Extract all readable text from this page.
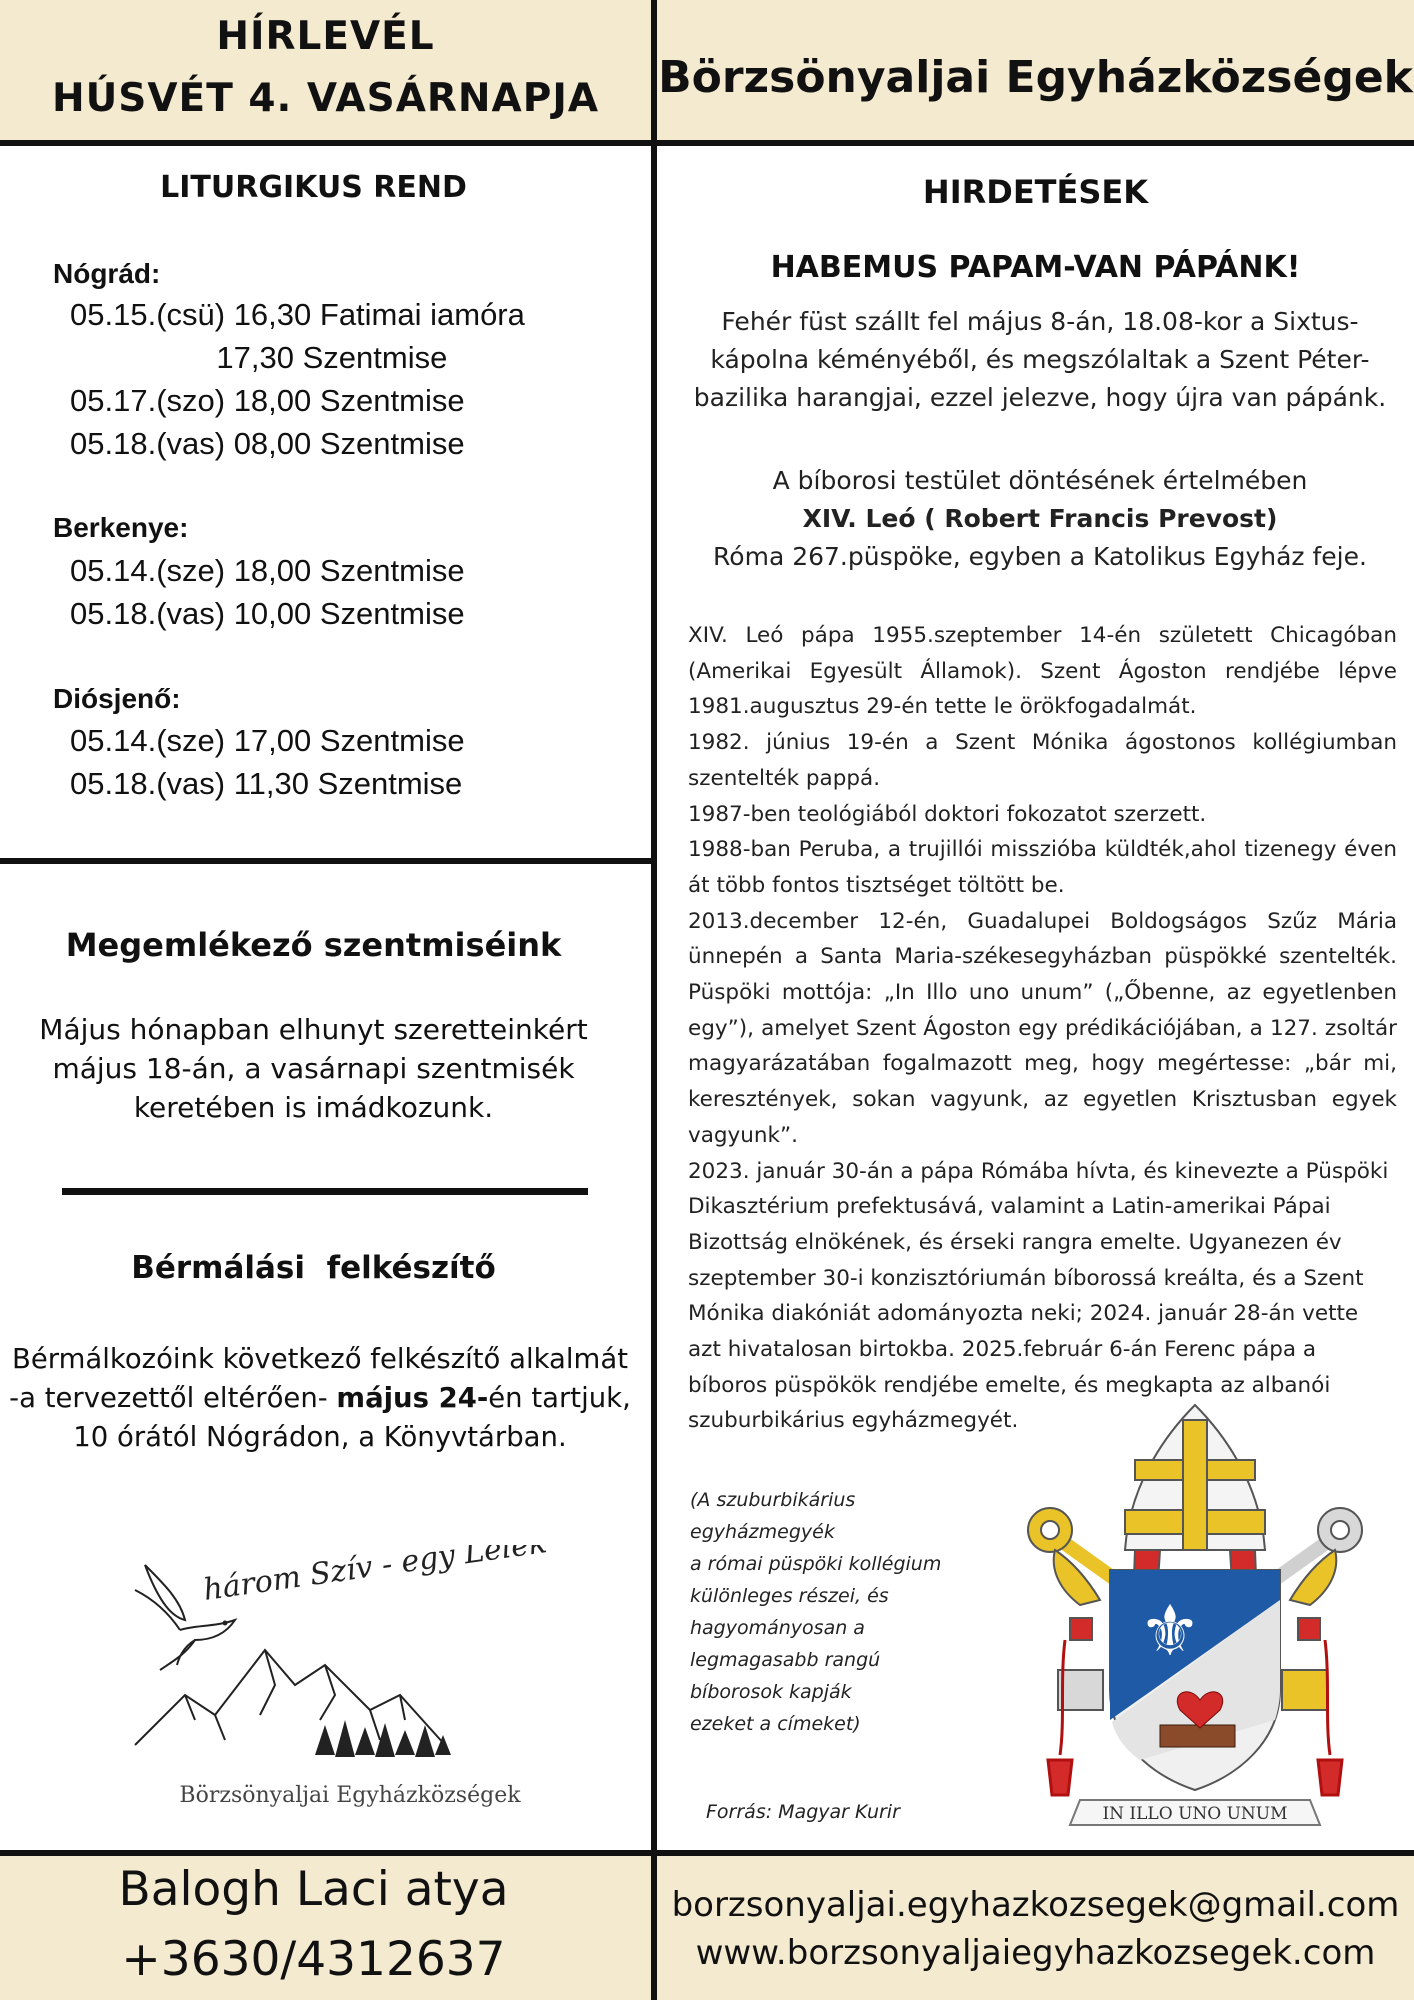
HÍRLEVÉL
HÚSVÉT 4. VASÁRNAPJA	Börzsönyaljai Egyházközségek
LITURGIKUS REND
Nógrád:
05.15.(csü) 16,30 Fatimai iamóra
17,30 Szentmise
05.17.(szo) 18,00 Szentmise
05.18.(vas) 08,00 Szentmise
Berkenye:
05.14.(sze) 18,00 Szentmise
05.18.(vas) 10,00 Szentmise
Diósjenő:
05.14.(sze) 17,00 Szentmise
05.18.(vas) 11,30 Szentmise
Megemlékező szentmiséink
Május hónapban elhunyt szeretteinkért
május 18-án, a vasárnapi szentmisék
keretében is imádkozunk.
Bérmálási  felkészítő
Bérmálkozóink következő felkészítő alkalmát
-a tervezettől eltérően- május 24-én tartjuk,
10 órától Nógrádon, a Könyvtárban.
három Szív - egy Lélek
Börzsönyaljai Egyházközségek
HIRDETÉSEK
HABEMUS PAPAM-VAN PÁPÁNK!
Fehér füst szállt fel május 8-án, 18.08-kor a Sixtus-
kápolna kéményéből, és megszólaltak a Szent Péter-
bazilika harangjai, ezzel jelezve, hogy újra van pápánk.
A bíborosi testület döntésének értelmében
XIV. Leó ( Robert Francis Prevost)
Róma 267.püspöke, egyben a Katolikus Egyház feje.

XIV. Leó pápa 1955.szeptember 14-én született Chicagóban (Amerikai Egyesült Államok). Szent Ágoston rendjébe lépve 1981.augusztus 29-én tette le örökfogadalmát.

1982. június 19-én a Szent Mónika ágostonos kollégiumban szentelték pappá.

1987-ben teológiából doktori fokozatot szerzett.

1988-ban Peruba, a trujillói misszióba küldték,ahol tizenegy éven át több fontos tisztséget töltött be.

2013.december 12-én, Guadalupei Boldogságos Szűz Mária ünnepén a Santa Maria-székesegyházban püspökké szentelték. Püspöki mottója: „In Illo uno unum” („Őbenne, az egyetlenben egy”), amelyet Szent Ágoston egy prédikációjában, a 127. zsoltár magyarázatában fogalmazott meg, hogy megértesse: „bár mi, keresztények, sokan vagyunk, az egyetlen Krisztusban egyek vagyunk”.

2023. január 30-án a pápa Rómába hívta, és kinevezte a Püspöki Dikasztérium prefektusává, valamint a Latin-amerikai Pápai Bizottság elnökének, és érseki rangra emelte. Ugyanezen év szeptember 30-i konzisztóriumán bíborossá kreálta, és a Szent Mónika diakóniát adományozta neki; 2024. január 28-án vette azt hivatalosan birtokba. 2025.február 6-án Ferenc pápa a bíboros püspökök rendjébe emelte, és megkapta az albanói szuburbikárius egyházmegyét.

(A szuburbikárius
egyházmegyék
a római püspöki kollégium
különleges részei, és
hagyományosan a
legmagasabb rangú
bíborosok kapják
ezeket a címeket)
Forrás: Magyar Kurir
⚜
IN ILLO UNO UNUM
Balogh Laci atya
+3630/4312637
borzsonyaljai.egyhazkozsegek@gmail.com
www.borzsonyaljaiegyhazkozsegek.com
